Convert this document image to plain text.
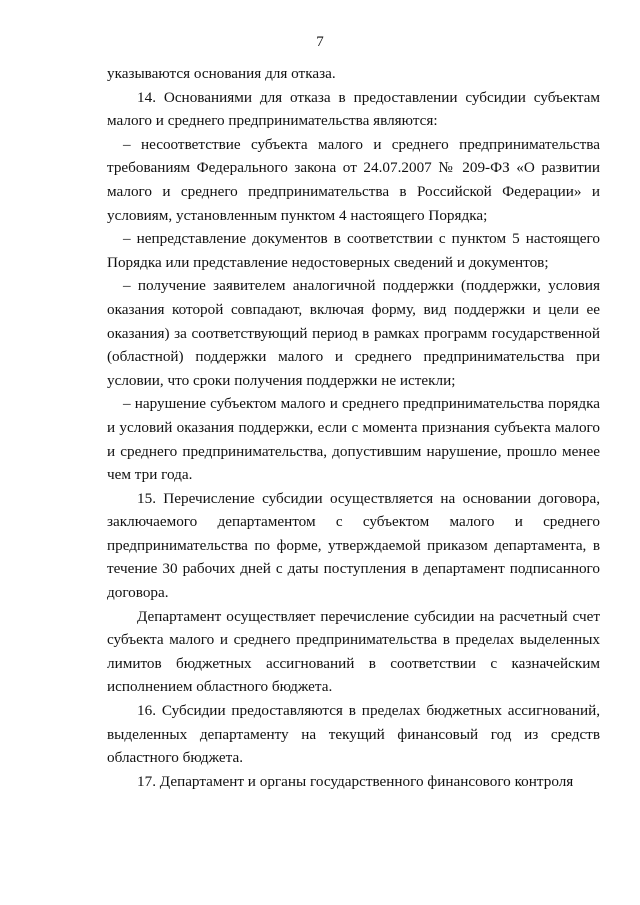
7

указываются основания для отказа.

14. Основаниями для отказа в предоставлении субсидии субъектам малого и среднего предпринимательства являются:

– несоответствие субъекта малого и среднего предпринимательства требованиям Федерального закона от 24.07.2007 № 209-ФЗ «О развитии малого и среднего предпринимательства в Российской Федерации» и условиям, установленным пунктом 4 настоящего Порядка;

– непредставление документов в соответствии с пунктом 5 настоящего Порядка или представление недостоверных сведений и документов;

– получение заявителем аналогичной поддержки (поддержки, условия оказания которой совпадают, включая форму, вид поддержки и цели ее оказания) за соответствующий период в рамках программ государственной (областной) поддержки малого и среднего предпринимательства при условии, что сроки получения поддержки не истекли;

– нарушение субъектом малого и среднего предпринимательства порядка и условий оказания поддержки, если с момента признания субъекта малого и среднего предпринимательства, допустившим нарушение, прошло менее чем три года.

15. Перечисление субсидии осуществляется на основании договора, заключаемого департаментом с субъектом малого и среднего предпринимательства по форме, утверждаемой приказом департамента, в течение 30 рабочих дней с даты поступления в департамент подписанного договора.

Департамент осуществляет перечисление субсидии на расчетный счет субъекта малого и среднего предпринимательства в пределах выделенных лимитов бюджетных ассигнований в соответствии с казначейским исполнением областного бюджета.

16. Субсидии предоставляются в пределах бюджетных ассигнований, выделенных департаменту на текущий финансовый год из средств областного бюджета.

17. Департамент и органы государственного финансового контроля
